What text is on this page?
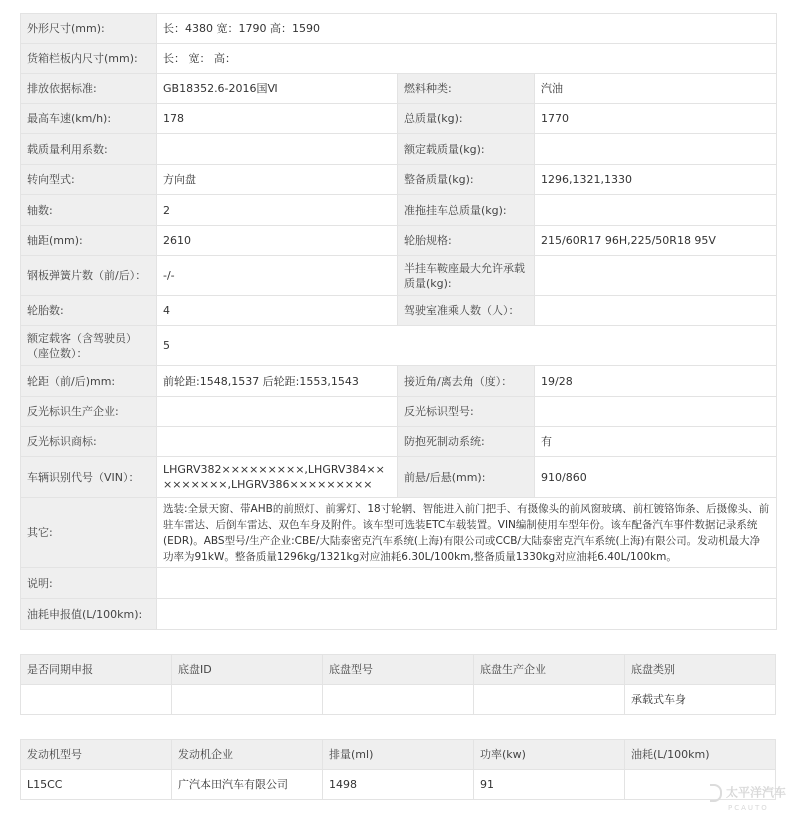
外形尺寸(mm):	长：4380 宽：1790 高：1590		
货箱栏板内尺寸(mm):	长： 宽： 高：		
排放依据标准:	GB18352.6-2016国Ⅵ	燃料种类:	汽油
最高车速(km/h):	178	总质量(kg):	1770
载质量利用系数:		额定载质量(kg):	
转向型式:	方向盘	整备质量(kg):	1296,1321,1330
轴数:	2	准拖挂车总质量(kg):	
轴距(mm):	2610	轮胎规格:	215/60R17 96H,225/50R18 95V
钢板弹簧片数（前/后）：	-/-	半挂车鞍座最大允许承载质量(kg):	
轮胎数:	4	驾驶室准乘人数（人）：	
额定载客（含驾驶员）（座位数）：	5		
轮距（前/后)mm:	前轮距:1548,1537 后轮距:1553,1543	接近角/离去角（度）：	19/28
反光标识生产企业:		反光标识型号:	
反光标识商标:		防抱死制动系统:	有
车辆识别代号（VIN）：	LHGRV382×××××××××,LHGRV384×××××××××,LHGRV386×××××××××	前悬/后悬(mm):	910/860
其它:	选装:全景天窗、带AHB的前照灯、前雾灯、18寸轮辋、智能进入前门把手、有摄像头的前风窗玻璃、前杠镀铬饰条、后摄像头、前驻车雷达、后倒车雷达、双色车身及附件。该车型可选装ETC车载装置。VIN编制使用车型年份。该车配备汽车事件数据记录系统(EDR)。ABS型号/生产企业:CBE/大陆泰密克汽车系统(上海)有限公司或CCB/大陆泰密克汽车系统(上海)有限公司。发动机最大净功率为91kW。整备质量1296kg/1321kg对应油耗6.30L/100km,整备质量1330kg对应油耗6.40L/100km。		
说明:			
油耗申报值(L/100km):			
是否同期申报	底盘ID	底盘型号	底盘生产企业	底盘类别
				承载式车身
发动机型号	发动机企业	排量(ml)	功率(kw)	油耗(L/100km)
L15CC	广汽本田汽车有限公司	1498	91	
太平洋汽车
PCAUTO
